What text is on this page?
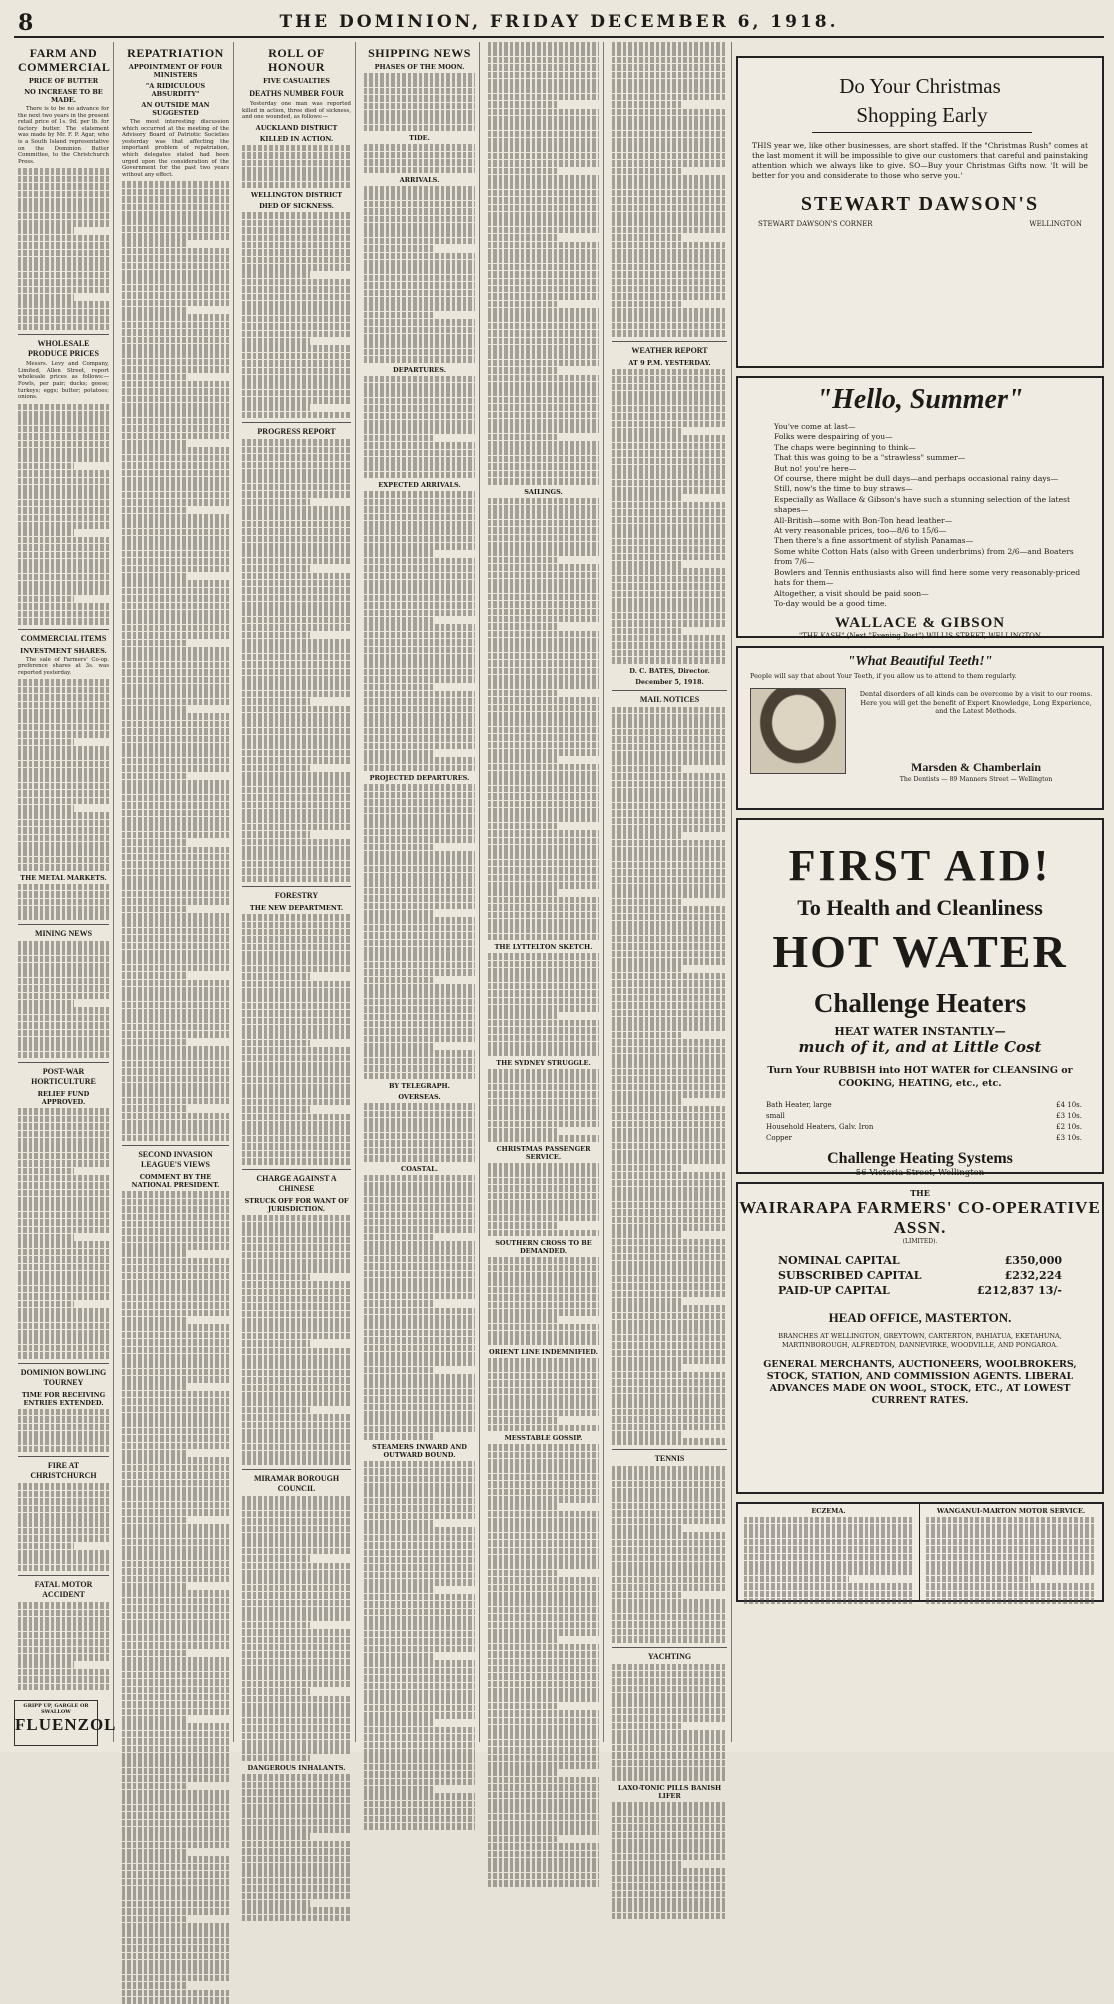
8	THE DOMINION, FRIDAY DECEMBER 6, 1918.
FARM AND COMMERCIAL
PRICE OF BUTTER
NO INCREASE TO BE MADE.

There is to be no advance for the next two years in the present retail price of 1s. 9d. per lb. for factory butter. The statement was made by Mr. F. P. Agar, who is a South Island representative on the Dominion Butter Committee, to the Christchurch Press.

WHOLESALE PRODUCE PRICES

Messrs. Levy and Company, Limited, Allen Street, report wholesale prices as follows:—Fowls, per pair; ducks; geese; turkeys; eggs; butter; potatoes; onions.

COMMERCIAL ITEMS
INVESTMENT SHARES.

The sale of Farmers' Co-op. preference shares at 3s. was reported yesterday.

THE METAL MARKETS.
MINING NEWS
POST-WAR HORTICULTURE
RELIEF FUND APPROVED.
DOMINION BOWLING TOURNEY
TIME FOR RECEIVING ENTRIES EXTENDED.
FIRE AT CHRISTCHURCH
FATAL MOTOR ACCIDENT
GRIPP UP, GARGLE OR SWALLOW
FLUENZOL
REPATRIATION
APPOINTMENT OF FOUR MINISTERS
"A RIDICULOUS ABSURDITY"
AN OUTSIDE MAN SUGGESTED

The most interesting discussion which occurred at the meeting of the Advisory Board of Patriotic Societies yesterday was that affecting the important problem of repatriation, which delegates stated had been urged upon the consideration of the Government for the past two years without any effect.

SECOND INVASION LEAGUE'S VIEWS
COMMENT BY THE NATIONAL PRESIDENT.
ROLL OF HONOUR
FIVE CASUALTIES
DEATHS NUMBER FOUR

Yesterday one man was reported killed in action, three died of sickness, and one wounded, as follows:—

AUCKLAND DISTRICT
KILLED IN ACTION.
WELLINGTON DISTRICT
DIED OF SICKNESS.
PROGRESS REPORT
FORESTRY
THE NEW DEPARTMENT.
CHARGE AGAINST A CHINESE
STRUCK OFF FOR WANT OF JURISDICTION.
MIRAMAR BOROUGH COUNCIL
DANGEROUS INHALANTS.
SHIPPING NEWS
PHASES OF THE MOON.
TIDE.
ARRIVALS.
DEPARTURES.
EXPECTED ARRIVALS.
PROJECTED DEPARTURES.
BY TELEGRAPH.
OVERSEAS.
COASTAL.
STEAMERS INWARD AND OUTWARD BOUND.
SAILINGS.
THE LYTTELTON SKETCH.
THE SYDNEY STRUGGLE.
CHRISTMAS PASSENGER SERVICE.
SOUTHERN CROSS TO BE DEMANDED.
ORIENT LINE INDEMNIFIED.
MESSTABLE GOSSIP.
WEATHER REPORT
AT 9 P.M. YESTERDAY.
D. C. BATES, Director.
December 5, 1918.
MAIL NOTICES
TENNIS
YACHTING
LAXO-TONIC PILLS BANISH LIFER
Do Your Christmas
Shopping Early
THIS year we, like other businesses, are short staffed. If the "Christmas Rush" comes at the last moment it will be impossible to give our customers that careful and painstaking attention which we always like to give. SO—Buy your Christmas Gifts now. 'It will be better for you and considerate to those who serve you.'
STEWART DAWSON'S
STEWART DAWSON'S CORNER	WELLINGTON
"Hello, Summer"
You've come at last—
Folks were despairing of you—
The chaps were beginning to think—
That this was going to be a "strawless" summer—
But no! you're here—
Of course, there might be dull days—and perhaps occasional rainy days—
Still, now's the time to buy straws—
Especially as Wallace & Gibson's have such a stunning selection of the latest shapes—
All-British—some with Bon-Ton head leather—
At very reasonable prices, too—8/6 to 15/6—
Then there's a fine assortment of stylish Panamas—
Some white Cotton Hats (also with Green underbrims) from 2/6—and Boaters from 7/6—
Bowlers and Tennis enthusiasts also will find here some very reasonably-priced hats for them—
Altogether, a visit should be paid soon—
To-day would be a good time.
WALLACE & GIBSON
"THE KASH" (Next "Evening Post") WILLIS STREET, WELLINGTON
"What Beautiful Teeth!"
People will say that about Your Teeth, if you allow us to attend to them regularly.
Dental disorders of all kinds can be overcome by a visit to our rooms. Here you will get the benefit of Expert Knowledge, Long Experience, and the Latest Methods.
Marsden & Chamberlain
The Dentists — 89 Manners Street — Wellington
FIRST AID!
To Health and Cleanliness
HOT WATER
Challenge Heaters
HEAT WATER INSTANTLY—
much of it, and at Little Cost
Turn Your RUBBISH into HOT WATER for CLEANSING or COOKING, HEATING, etc., etc.
Bath Heater, large	£4 10s.
small	£3 10s.
Household Heaters, Galv. Iron	£2 10s.
Copper	£3 10s.
Challenge Heating Systems
56 Victoria Street, Wellington
THE
WAIRARAPA FARMERS' CO-OPERATIVE ASSN.
(LIMITED).
NOMINAL CAPITAL	£350,000
SUBSCRIBED CAPITAL	£232,224
PAID-UP CAPITAL	£212,837 13/-
HEAD OFFICE, MASTERTON.
BRANCHES AT WELLINGTON, GREYTOWN, CARTERTON, PAHIATUA, EKETAHUNA, MARTINBOROUGH, ALFREDTON, DANNEVIRKE, WOODVILLE, AND PONGAROA.
GENERAL MERCHANTS, AUCTIONEERS, WOOLBROKERS, STOCK, STATION, AND COMMISSION AGENTS. LIBERAL ADVANCES MADE ON WOOL, STOCK, ETC., AT LOWEST CURRENT RATES.
ECZEMA.	WANGANUI-MARTON MOTOR SERVICE.
